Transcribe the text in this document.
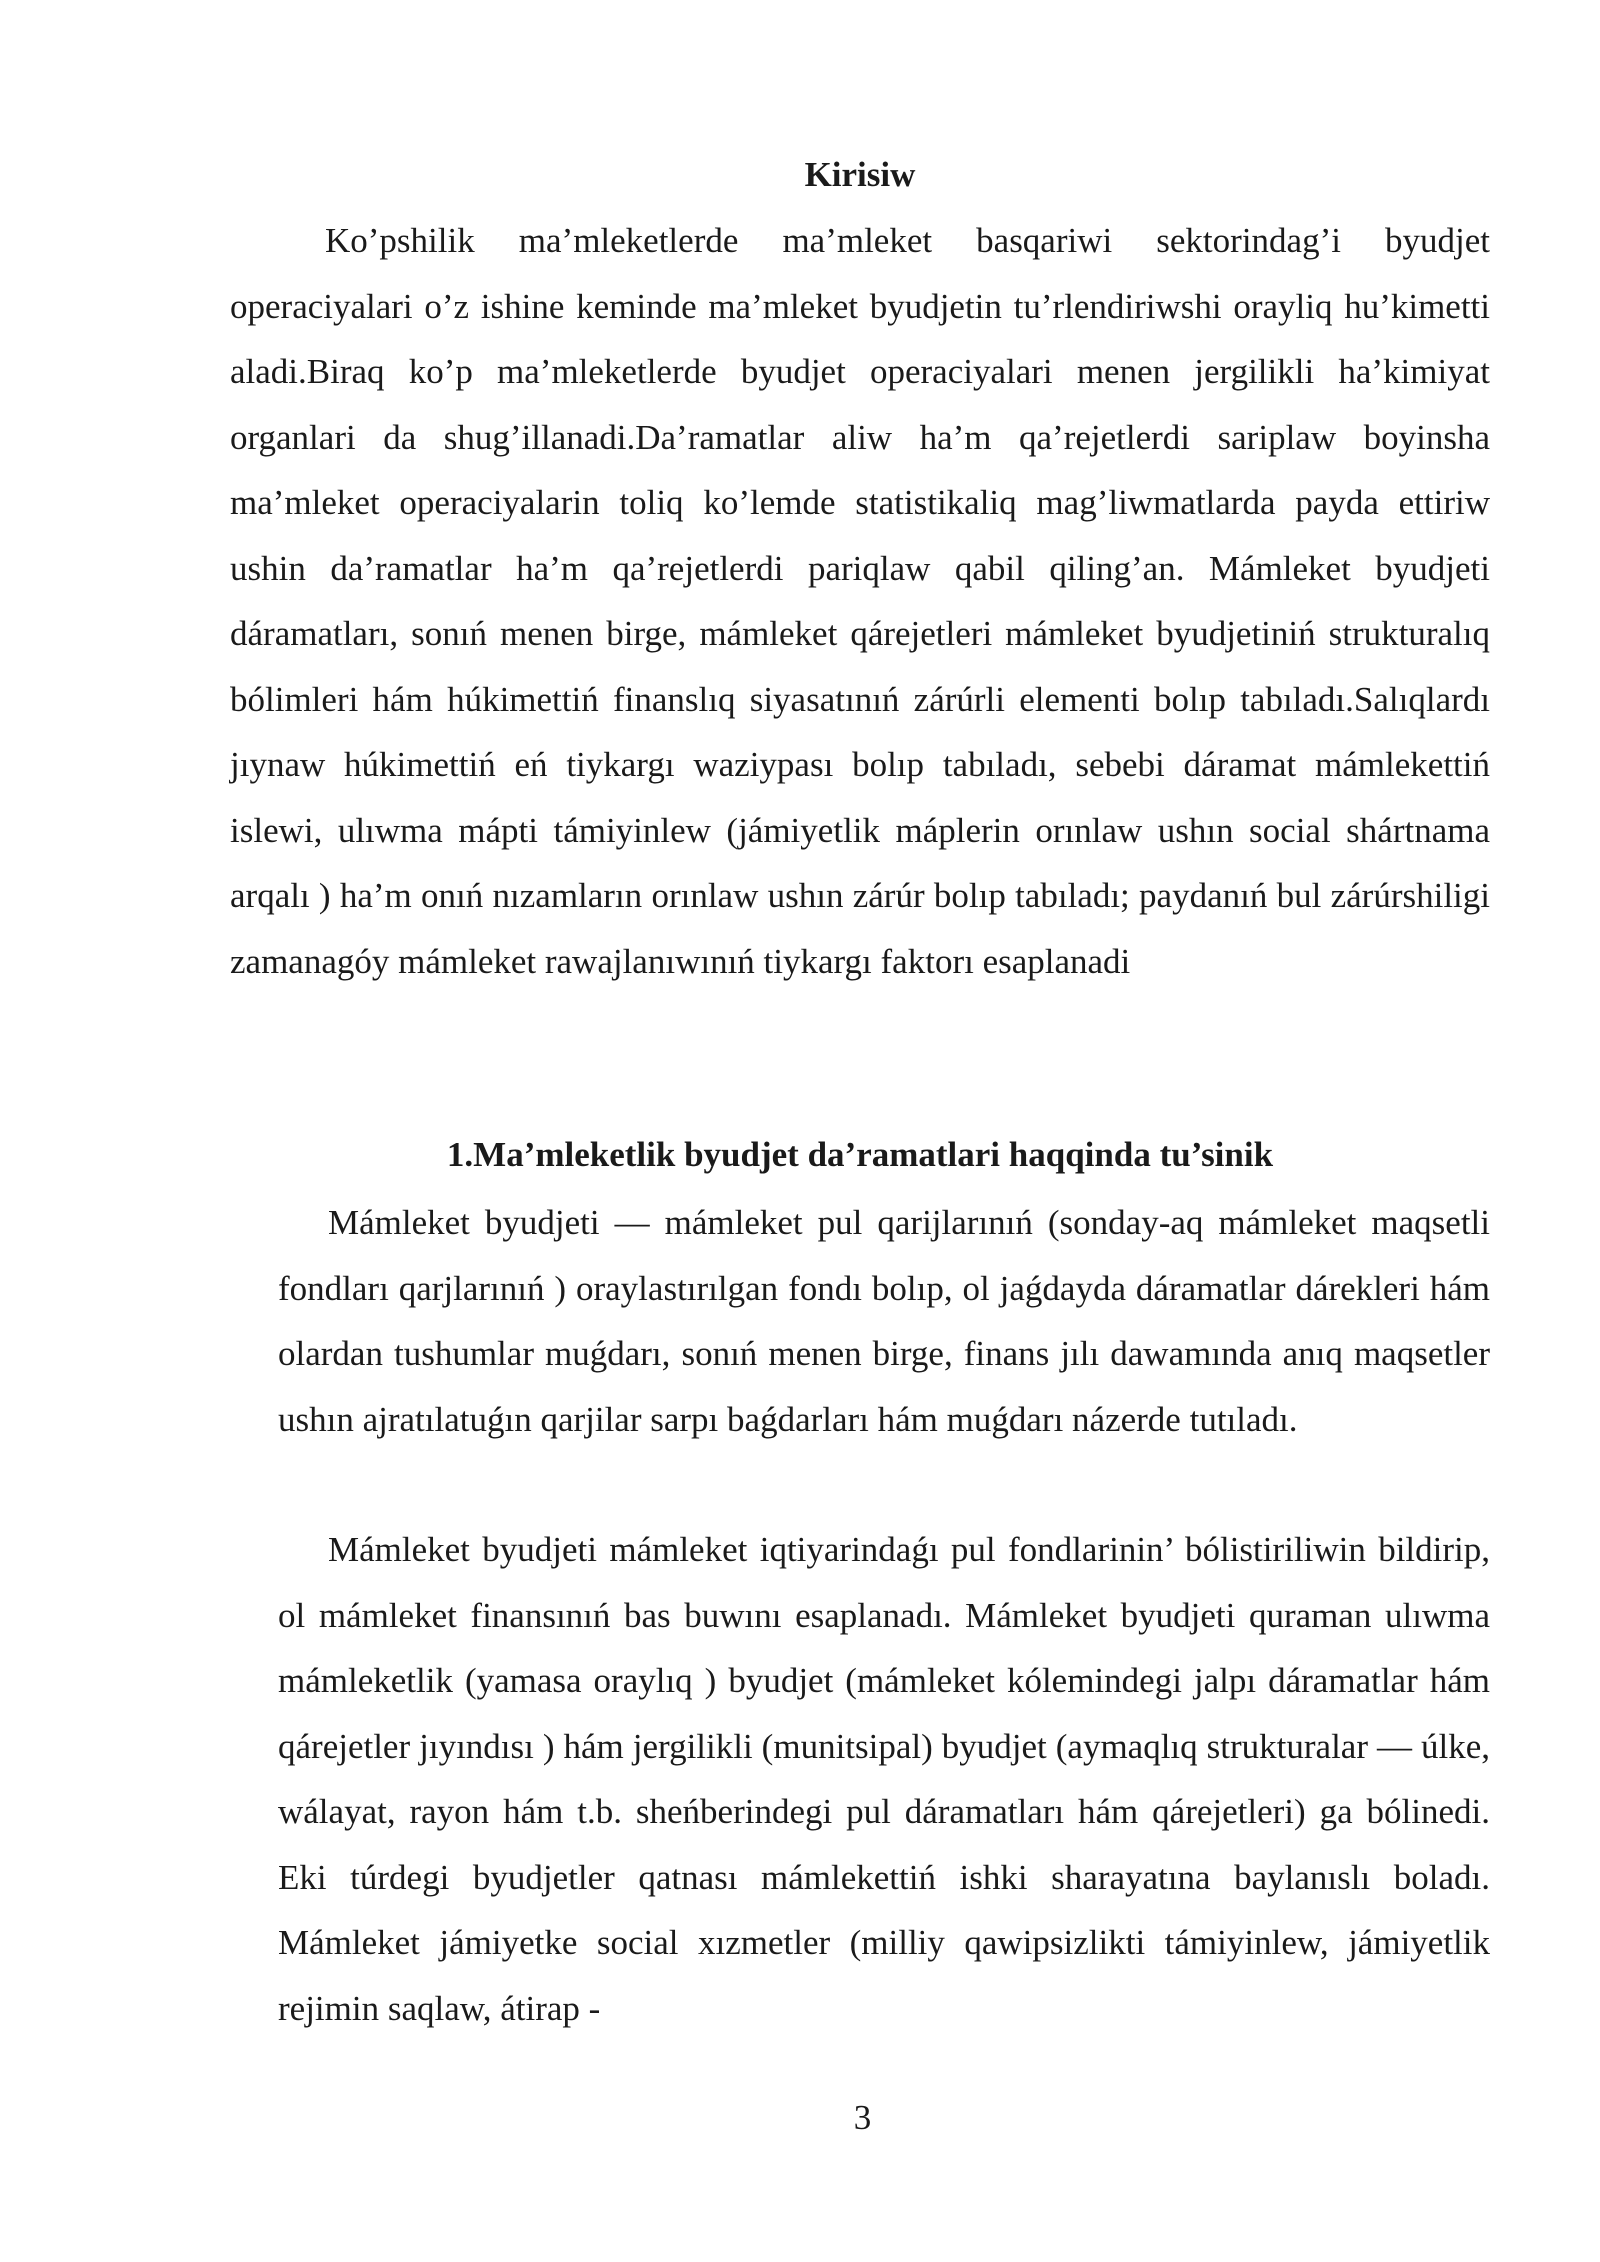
Kirisiw

Ko’pshilik ma’mleketlerde ma’mleket basqariwi sektorindag’i byudjet operaciyalari o’z ishine keminde ma’mleket byudjetin tu’rlendiriwshi orayliq hu’kimetti aladi.Biraq ko’p ma’mleketlerde byudjet operaciyalari menen jergilikli ha’kimiyat organlari da shug’illanadi.Da’ramatlar aliw ha’m qa’rejetlerdi sariplaw boyinsha ma’mleket operaciyalarin toliq ko’lemde statistikaliq mag’liwmatlarda payda ettiriw ushin da’ramatlar ha’m qa’rejetlerdi pariqlaw qabil qiling’an. Mámleket byudjeti dáramatları, sonıń menen birge, mámleket qárejetleri mámleket byudjetiniń strukturalıq bólimleri hám húkimettiń finanslıq siyasatınıń zárúrli elementi bolıp tabıladı.Salıqlardı jıynaw húkimettiń eń tiykargı waziypası bolıp tabıladı, sebebi dáramat mámlekettiń islewi, ulıwma mápti támiyinlew (jámiyetlik máplerin orınlaw ushın social shártnama arqalı ) ha’m onıń nızamların orınlaw ushın zárúr bolıp tabıladı; paydanıń bul zárúrshiligi zamanagóy mámleket rawajlanıwınıń tiykargı faktorı esaplanadi

1.Ma’mleketlik byudjet da’ramatlari haqqinda tu’sinik

Mámleket byudjeti — mámleket pul qarijlarınıń (sonday-aq mámleket maqsetli fondları qarjlarınıń ) oraylastırılgan fondı bolıp, ol jaǵdayda dáramatlar dárekleri hám olardan tushumlar muǵdarı, sonıń menen birge, finans jılı dawamında anıq maqsetler ushın ajratılatuǵın qarjilar sarpı baǵdarları hám muǵdarı názerde tutıladı.

Mámleket byudjeti mámleket iqtiyarindaǵı pul fondlarinin’ bólistiriliwin bildirip, ol mámleket finansınıń bas buwını esaplanadı. Mámleket byudjeti quraman ulıwma mámleketlik (yamasa oraylıq ) byudjet (mámleket kólemindegi jalpı dáramatlar hám qárejetler jıyındısı ) hám jergilikli (munitsipal) byudjet (aymaqlıq strukturalar — úlke, wálayat, rayon hám t.b. sheńberindegi pul dáramatları hám qárejetleri) ga bólinedi. Eki túrdegi byudjetler qatnası mámlekettiń ishki sharayatına baylanıslı boladı. Mámleket jámiyetke social xızmetler (milliy qawipsizlikti támiyinlew, jámiyetlik rejimin saqlaw, átirap -

3
